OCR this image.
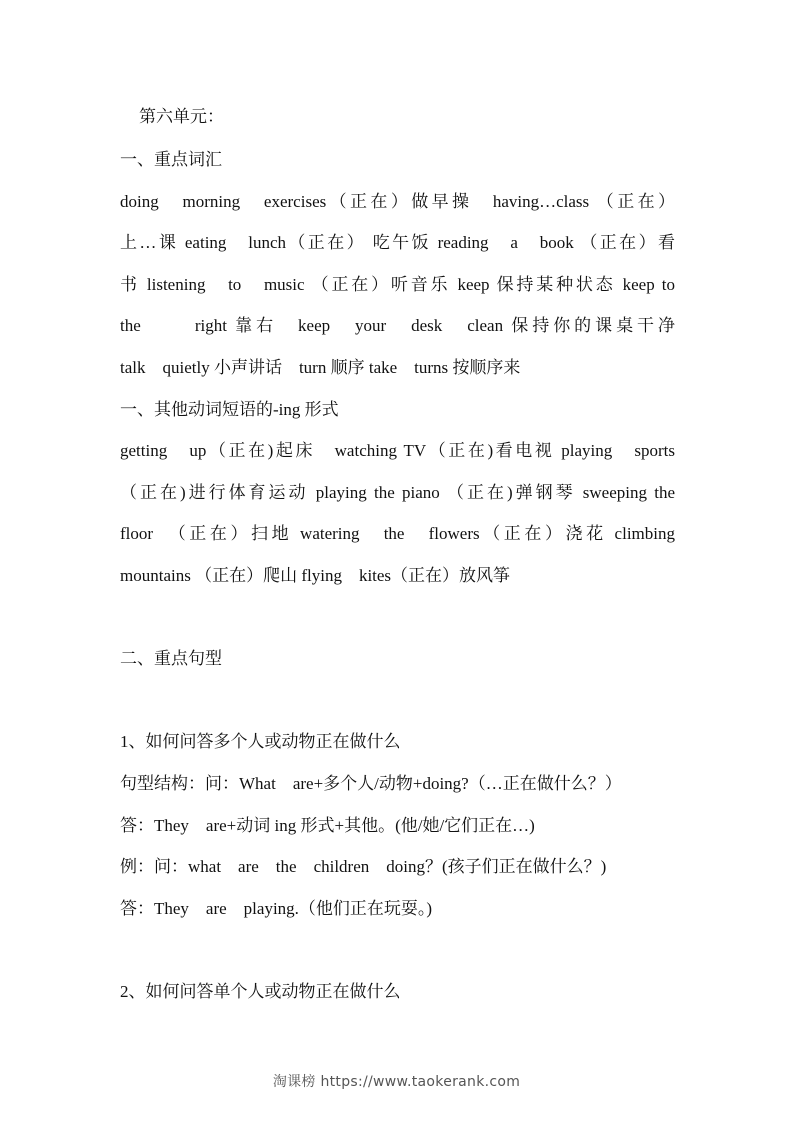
第六单元：
一、重点词汇
doing　morning　exercises（正在）做早操　having…class （正在）
上…课 eating　lunch（正在） 吃午饭 reading　a　book （正在）看
书 listening　to　music （正在）听音乐 keep 保持某种状态 keep to
the　　 right 靠右　keep　your　desk　clean 保持你的课桌干净
talk　quietly 小声讲话　turn 顺序 take　turns 按顺序来
一、其他动词短语的-ing 形式
getting　up（正在)起床　watching TV（正在)看电视 playing　sports
（正在)进行体育运动 playing the piano （正在)弹钢琴 sweeping the
floor　（正在）扫地 watering　the　flowers（正在）浇花 climbing
mountains （正在）爬山 flying　kites（正在）放风筝
二、重点句型
1、如何问答多个人或动物正在做什么
句型结构：问：What　are+多个人/动物+doing?（…正在做什么？）
答：They　are+动词 ing 形式+其他。(他/她/它们正在…)
例：问：what　are　the　children　doing？(孩子们正在做什么？)
答：They　are　playing.（他们正在玩耍。)
2、如何问答单个人或动物正在做什么
淘课榜 https://www.taokerank.com
